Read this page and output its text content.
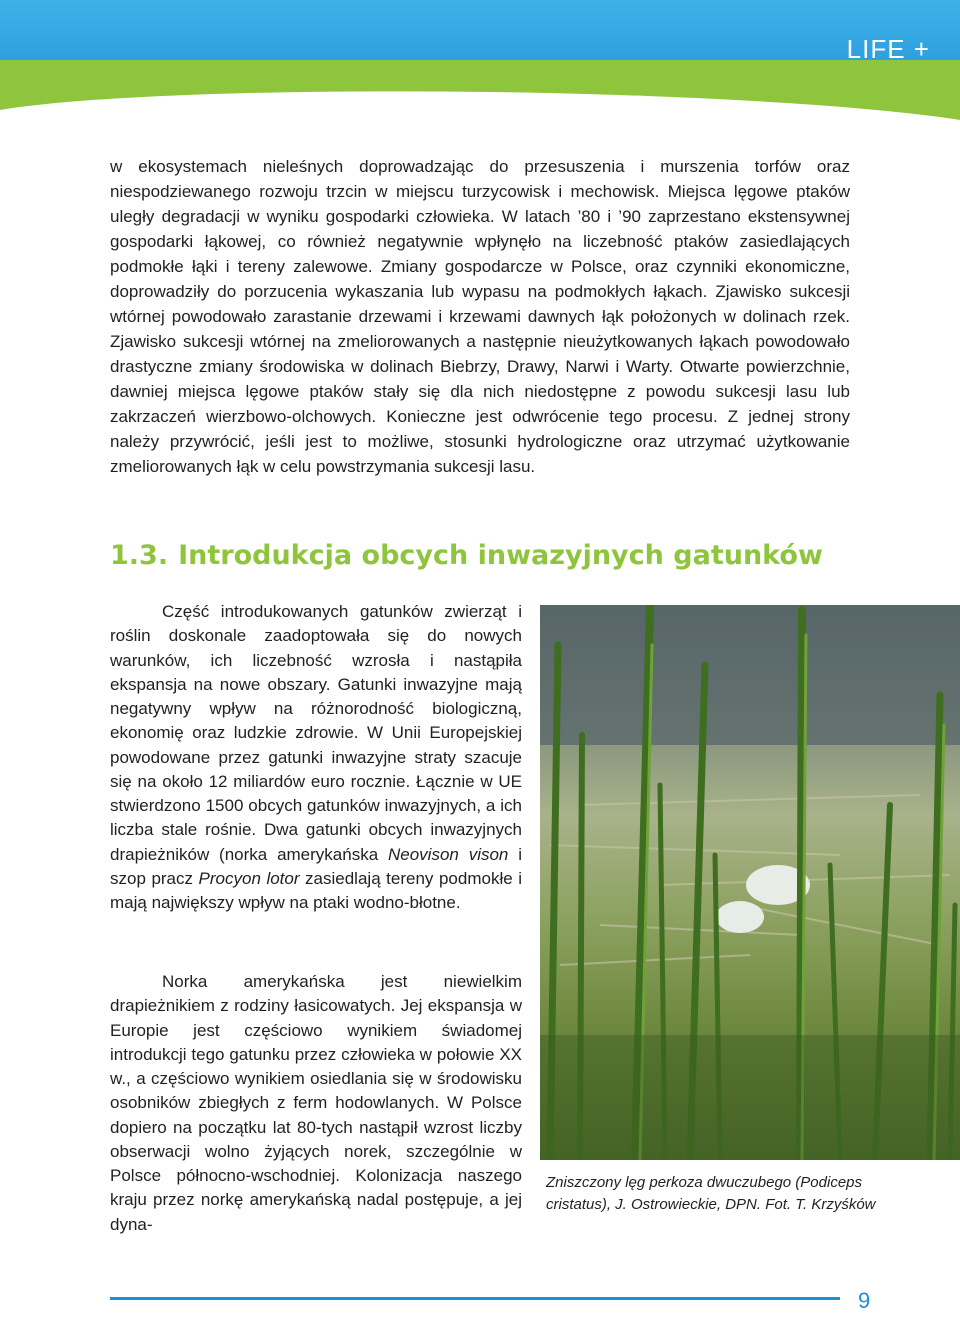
LIFE +

w ekosystemach nieleśnych doprowadzając do przesuszenia i murszenia torfów oraz niespodziewanego rozwoju trzcin w miejscu turzycowisk i mechowisk. Miejsca lęgowe ptaków uległy degradacji w wyniku gospodarki człowieka. W latach ’80 i ’90 zaprzestano ekstensywnej gospodarki łąkowej, co również negatywnie wpłynęło na liczebność ptaków zasiedlających podmokłe łąki i tereny zalewowe. Zmiany gospodarcze w Polsce, oraz czynniki ekonomiczne, doprowadziły do porzucenia wykaszania lub wypasu na podmokłych łąkach. Zjawisko sukcesji wtórnej powodowało zarastanie drzewami i krzewami dawnych łąk położonych w dolinach rzek. Zjawisko sukcesji wtórnej na zmeliorowanych a następnie nieużytkowanych łąkach powodowało drastyczne zmiany środowiska w dolinach Biebrzy, Drawy, Narwi i Warty. Otwarte powierzchnie, dawniej miejsca lęgowe ptaków stały się dla nich niedostępne z powodu sukcesji lasu lub zakrzaczeń wierzbowo-olchowych. Konieczne jest odwrócenie tego procesu. Z jednej strony należy przywrócić, jeśli jest to możliwe, stosunki hydrologiczne oraz utrzymać użytkowanie zmeliorowanych łąk w celu powstrzymania sukcesji lasu.

1.3. Introdukcja obcych inwazyjnych gatunków

Część introdukowanych gatunków zwierząt i roślin doskonale zaadoptowała się do nowych warunków, ich liczebność wzrosła i nastąpiła ekspansja na nowe obszary. Gatunki inwazyjne mają negatywny wpływ na różnorodność biologiczną, ekonomię oraz ludzkie zdrowie. W Unii Europejskiej powodowane przez gatunki inwazyjne straty szacuje się na około 12 miliardów euro rocznie. Łącznie w UE stwierdzono 1500 obcych gatunków inwazyjnych, a ich liczba stale rośnie. Dwa gatunki obcych inwazyjnych drapieżników (norka amerykańska Neovison vison i szop pracz Procyon lotor zasiedlają tereny podmokłe i mają największy wpływ na ptaki wodno-błotne.

Norka amerykańska jest niewielkim drapieżnikiem z rodziny łasicowatych. Jej ekspansja w Europie jest częściowo wynikiem świadomej introdukcji tego gatunku przez człowieka w połowie XX w., a częściowo wynikiem osiedlania się w środowisku osobników zbiegłych z ferm hodowlanych. W Polsce dopiero na początku lat 80-tych nastąpił wzrost liczby obserwacji wolno żyjących norek, szczególnie w Polsce północno-wschodniej. Kolonizacja naszego kraju przez norkę amerykańską nadal postępuje, a jej dyna-

Zniszczony lęg perkoza dwuczubego (Podiceps cristatus), J. Ostrowieckie, DPN. Fot. T. Krzyśków

9
